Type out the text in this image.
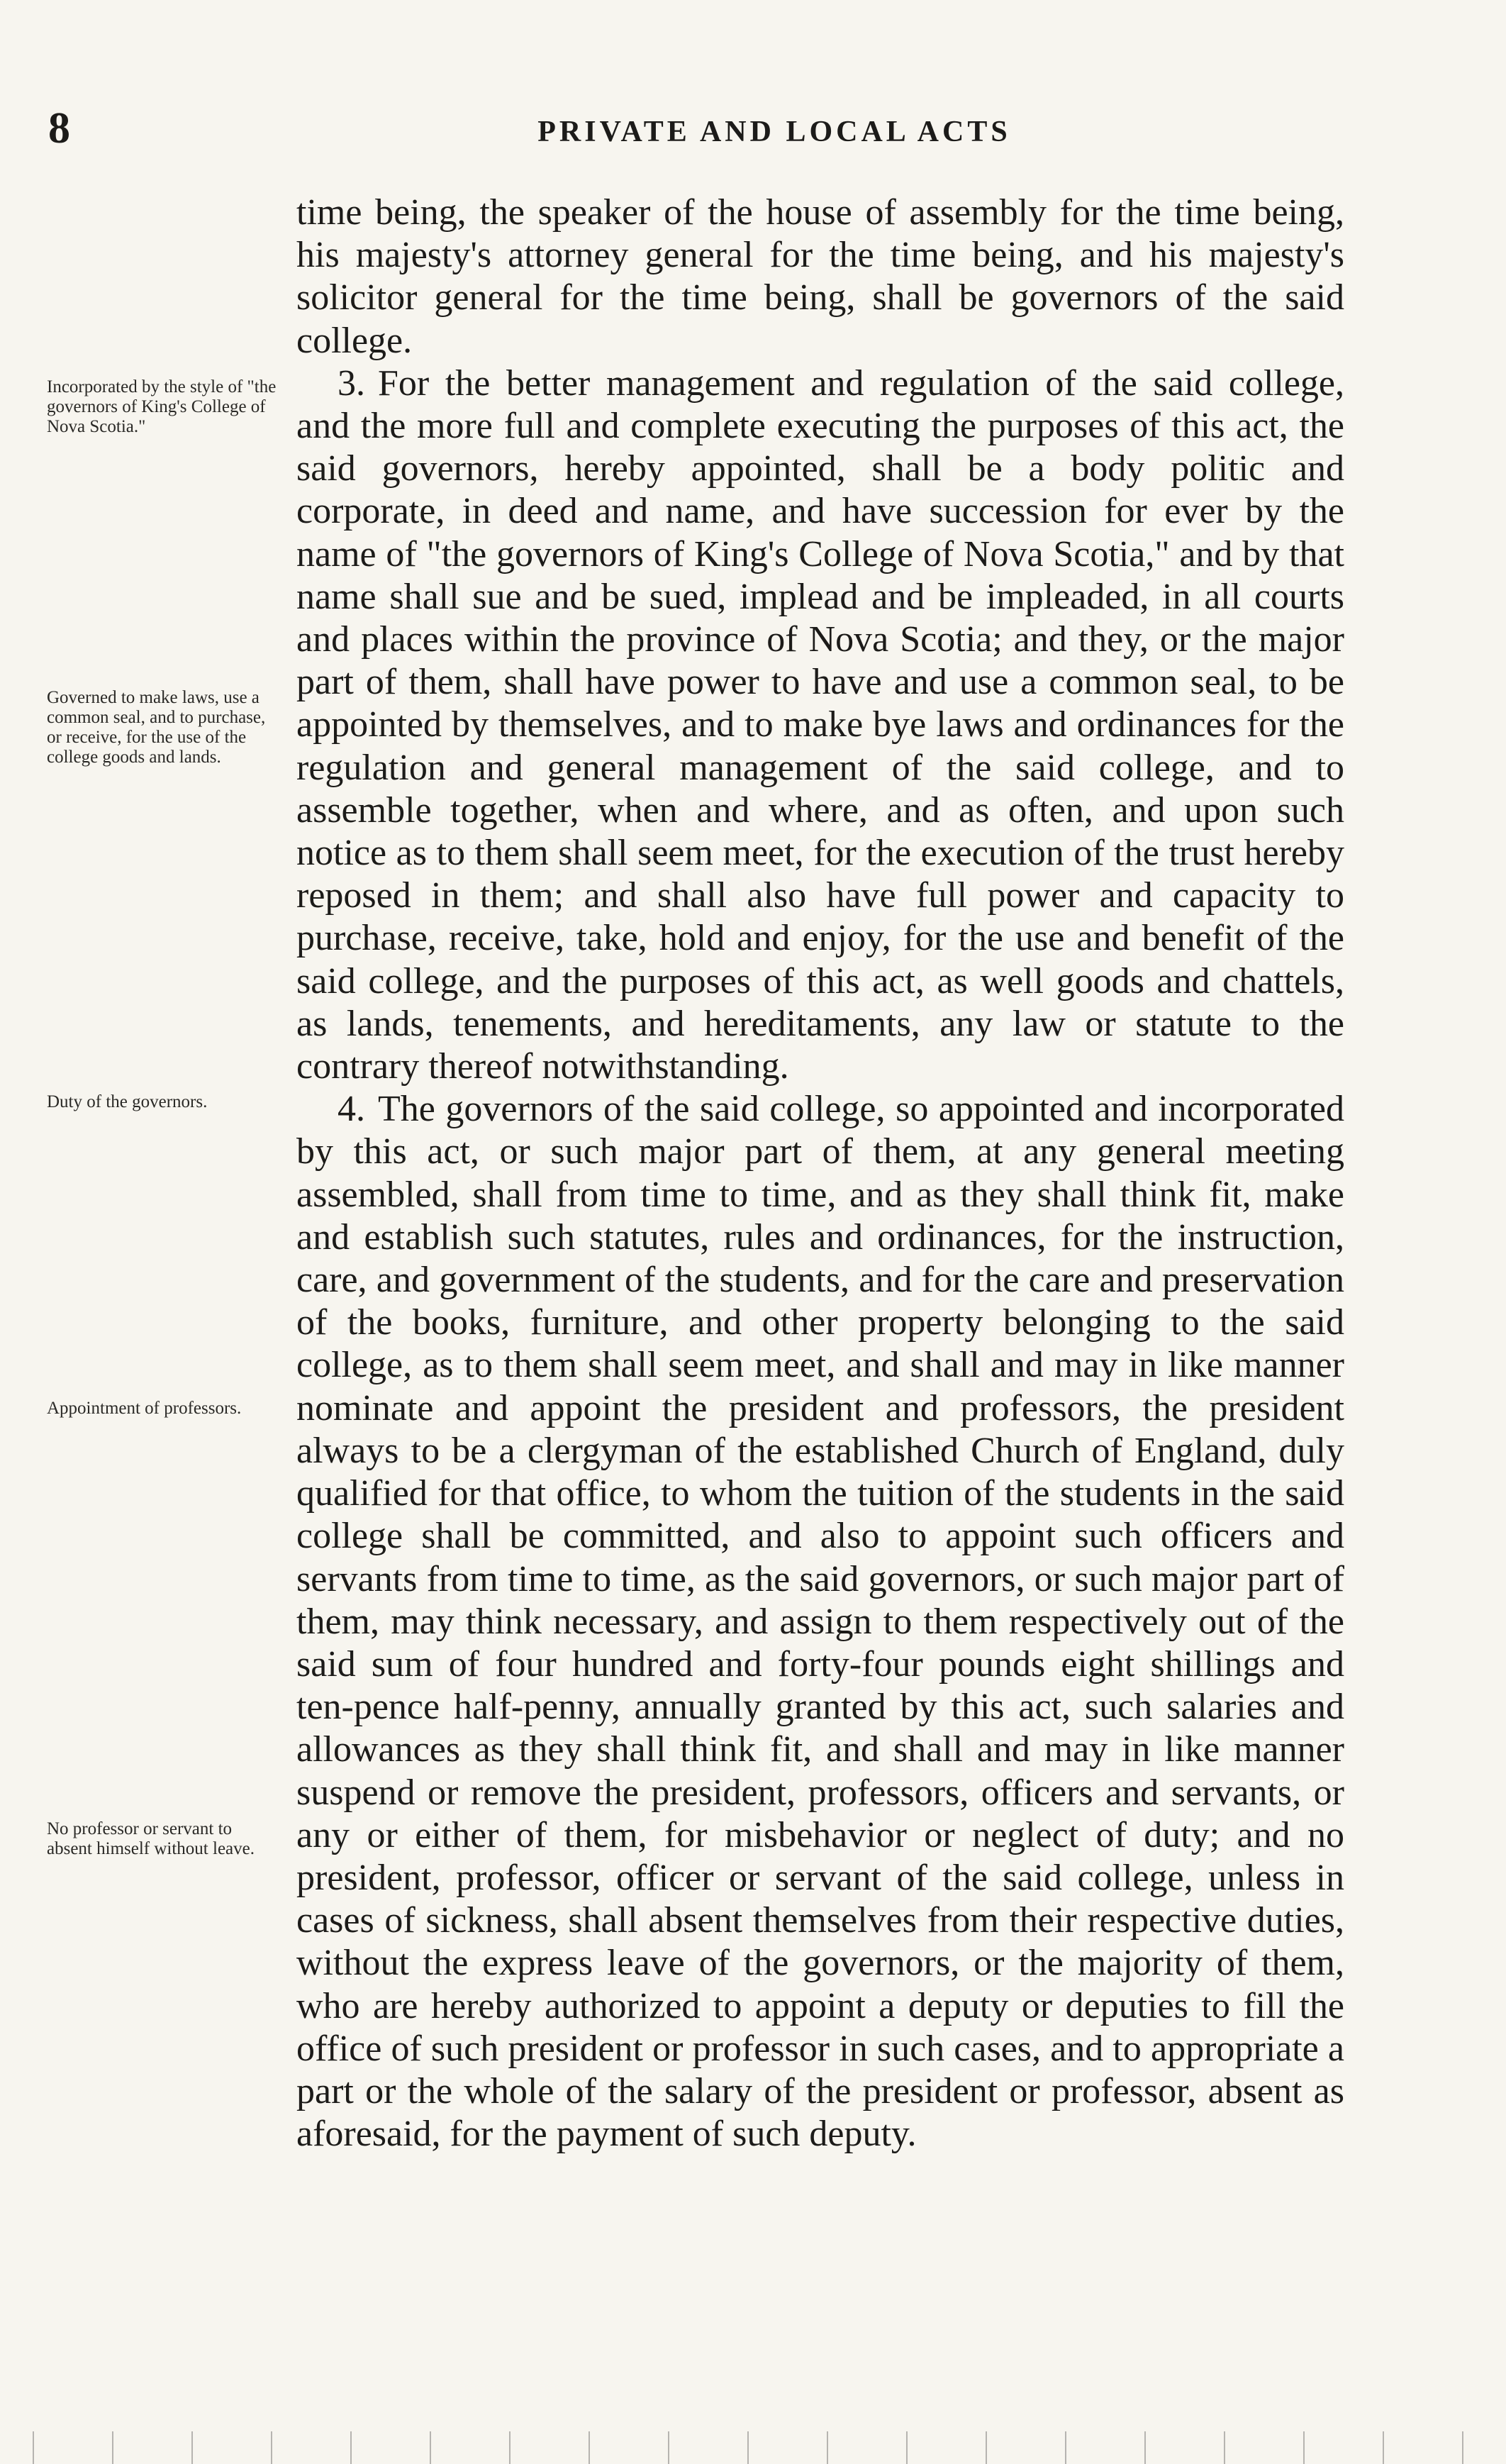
8	PRIVATE AND LOCAL ACTS
Incorporated by the style of "the governors of King's College of Nova Scotia."
Governed to make laws, use a common seal, and to purchase, or receive, for the use of the college goods and lands.
Duty of the governors.
Appointment of professors.
No professor or servant to absent himself without leave.

time being, the speaker of the house of assembly for the time being, his majesty's attorney general for the time being, and his majesty's solicitor general for the time being, shall be governors of the said college.

3. For the better management and regulation of the said college, and the more full and complete executing the purposes of this act, the said governors, hereby appointed, shall be a body politic and corporate, in deed and name, and have succession for ever by the name of "the governors of King's College of Nova Scotia," and by that name shall sue and be sued, implead and be impleaded, in all courts and places within the province of Nova Scotia; and they, or the major part of them, shall have power to have and use a common seal, to be appointed by themselves, and to make bye laws and ordinances for the regulation and general management of the said college, and to assemble together, when and where, and as often, and upon such notice as to them shall seem meet, for the execution of the trust hereby reposed in them; and shall also have full power and capacity to purchase, receive, take, hold and enjoy, for the use and benefit of the said college, and the purposes of this act, as well goods and chattels, as lands, tenements, and hereditaments, any law or statute to the contrary thereof notwithstanding.

4. The governors of the said college, so appointed and incorporated by this act, or such major part of them, at any general meeting assembled, shall from time to time, and as they shall think fit, make and establish such statutes, rules and ordinances, for the instruction, care, and government of the students, and for the care and preservation of the books, furniture, and other property belonging to the said college, as to them shall seem meet, and shall and may in like manner nominate and appoint the president and professors, the president always to be a clergyman of the established Church of England, duly qualified for that office, to whom the tuition of the students in the said college shall be committed, and also to appoint such officers and servants from time to time, as the said governors, or such major part of them, may think necessary, and assign to them respectively out of the said sum of four hundred and forty-four pounds eight shillings and ten-pence half-penny, annually granted by this act, such salaries and allowances as they shall think fit, and shall and may in like manner suspend or remove the president, professors, officers and servants, or any or either of them, for misbehavior or neglect of duty; and no president, professor, officer or servant of the said college, unless in cases of sickness, shall absent themselves from their respective duties, without the express leave of the governors, or the majority of them, who are hereby authorized to appoint a deputy or deputies to fill the office of such president or professor in such cases, and to appropriate a part or the whole of the salary of the president or professor, absent as aforesaid, for the payment of such deputy.
